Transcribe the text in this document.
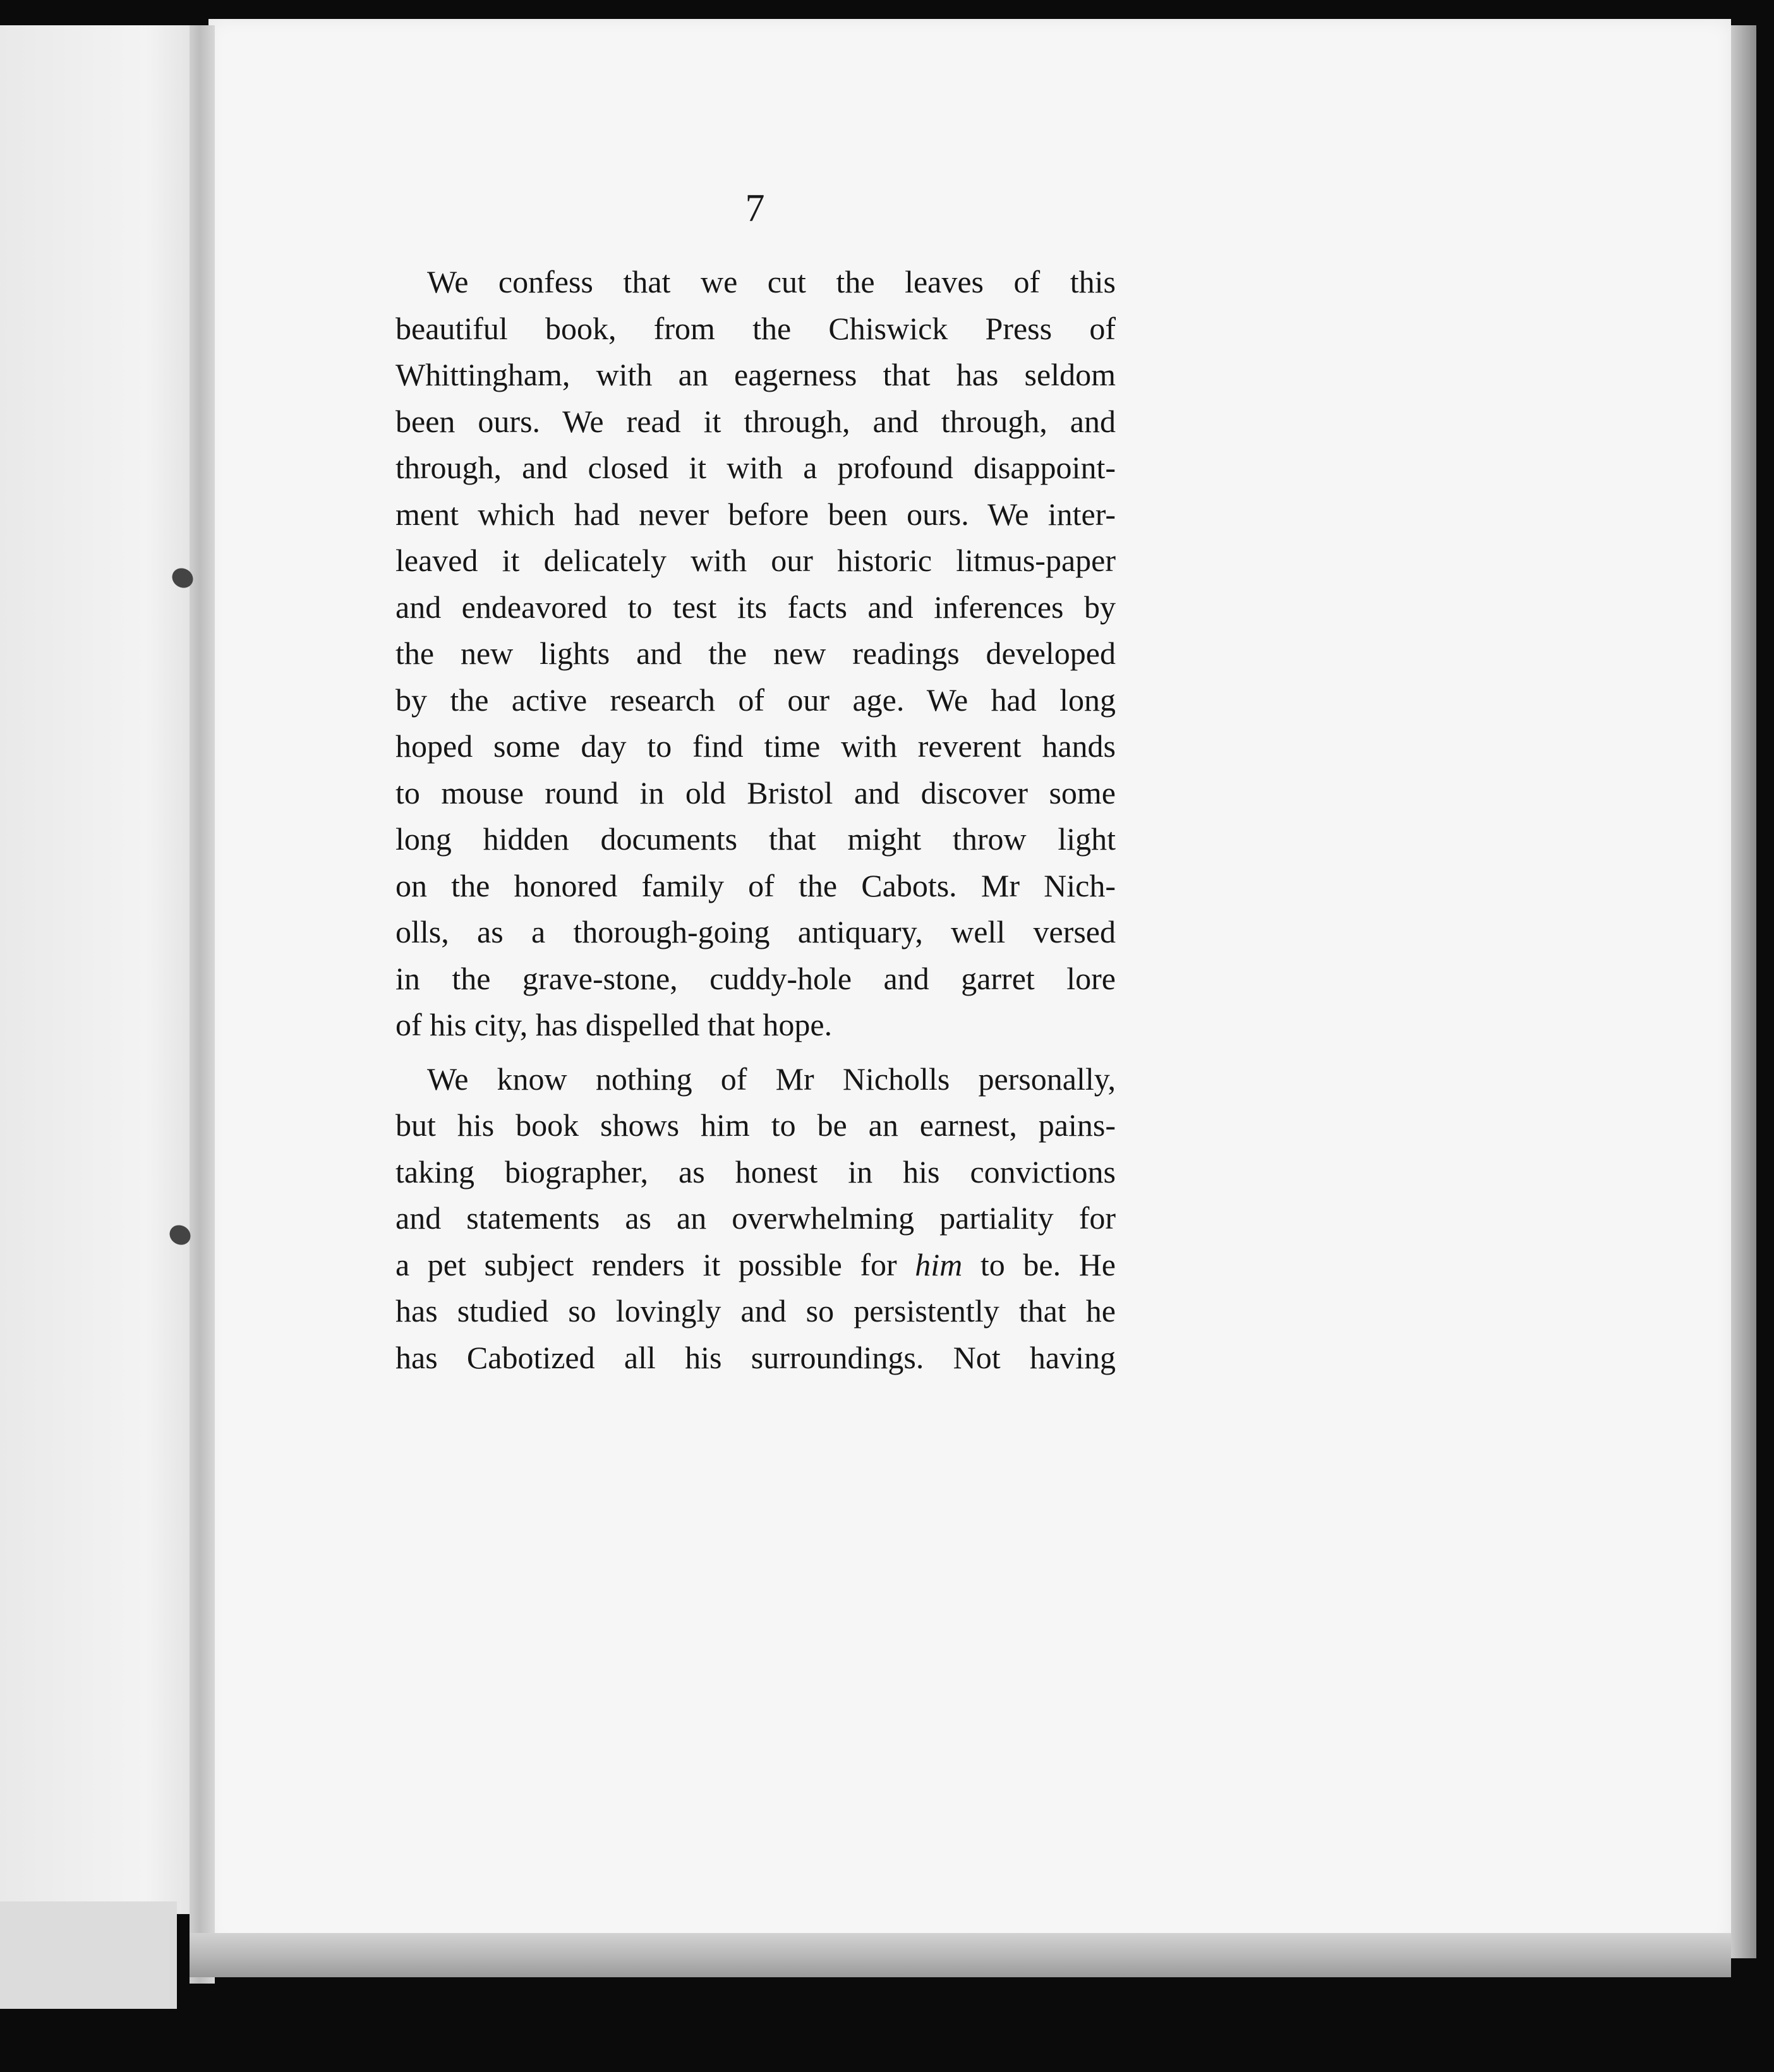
7
We confess that we cut the leaves of this
beautiful book, from the Chiswick Press of
Whittingham, with an eagerness that has seldom
been ours. We read it through, and through, and
through, and closed it with a profound disappoint-
ment which had never before been ours. We inter-
leaved it delicately with our historic litmus-paper
and endeavored to test its facts and inferences by
the new lights and the new readings developed
by the active research of our age. We had long
hoped some day to find time with reverent hands
to mouse round in old Bristol and discover some
long hidden documents that might throw light
on the honored family of the Cabots. Mr Nich-
olls, as a thorough-going antiquary, well versed
in the grave-stone, cuddy-hole and garret lore
of his city, has dispelled that hope.
We know nothing of Mr Nicholls personally,
but his book shows him to be an earnest, pains-
taking biographer, as honest in his convictions
and statements as an overwhelming partiality for
a pet subject renders it possible for him to be. He
has studied so lovingly and so persistently that he
has Cabotized all his surroundings. Not having
